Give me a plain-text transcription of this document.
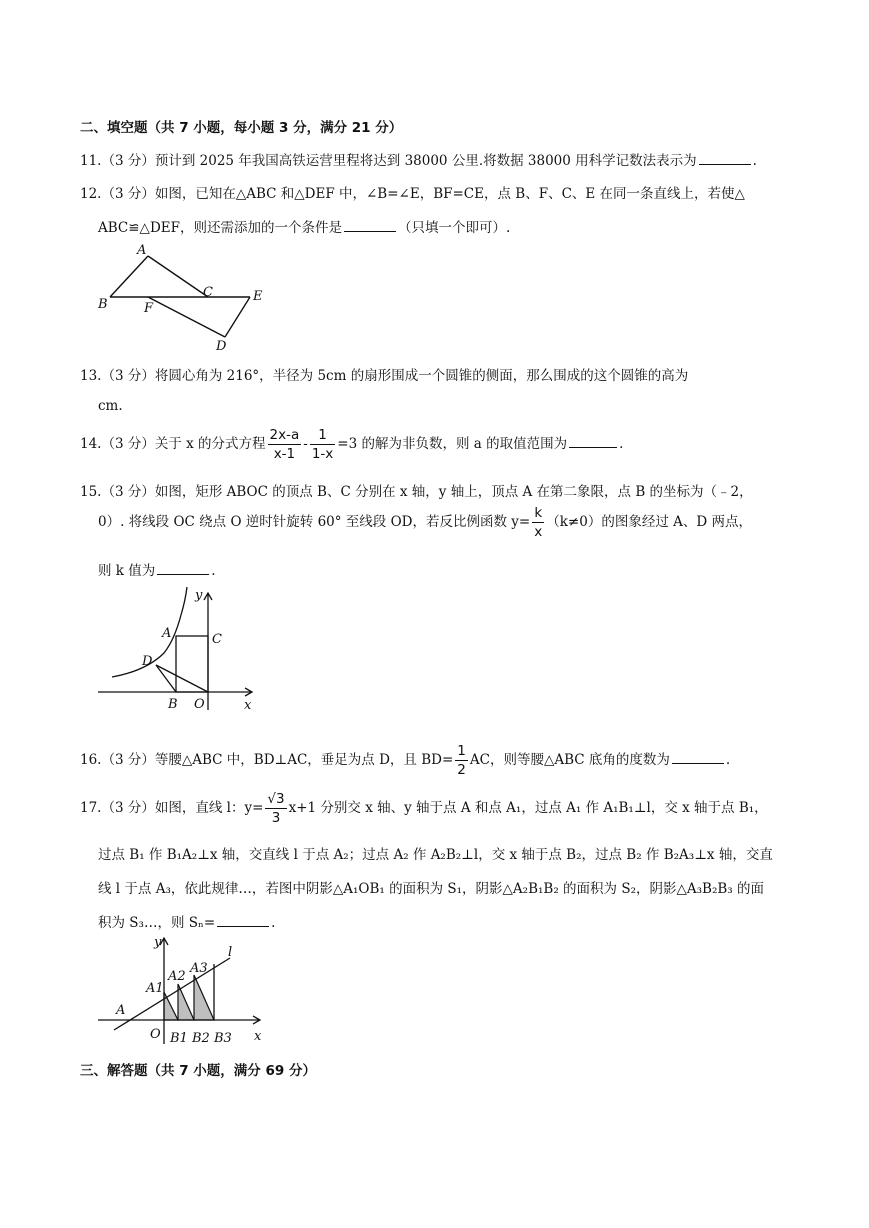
二、填空题（共 7 小题，每小题 3 分，满分 21 分）
11.（3 分）预计到 2025 年我国高铁运营里程将达到 38000 公里.将数据 38000 用科学记数法表示为	.
12.（3 分）如图，已知在△ABC 和△DEF 中，∠B=∠E，BF=CE，点 B、F、C、E 在同一条直线上，若使△
ABC≌△DEF，则还需添加的一个条件是	（只填一个即可）.
A
B
C
F
E
D
13.（3 分）将圆心角为 216°，半径为 5cm 的扇形围成一个圆锥的侧面，那么围成的这个圆锥的高为
cm.
14.（3 分）关于 x 的分式方程 $\frac{2x-a}{x-1} - \frac{1}{1-x} =3$ 的解为非负数，则 a 的取值范围为	.
15.（3 分）如图，矩形 ABOC 的顶点 B、C 分别在 x 轴，y 轴上，顶点 A 在第二象限，点 B 的坐标为（﹣2，
0）. 将线段 OC 绕点 O 逆时针旋转 60° 至线段 OD，若反比例函数 $y= \frac{k}{x} (k\ne 0)$的图象经过 A、D 两点，
则 k 值为	.
y
x
A	C
D
B O
16.（3 分）等腰△ABC 中，BD⊥AC，垂足为点 D，且 $BD= \frac{1}{2}$ AC，则等腰△ABC 底角的度数为	.
17.（3 分）如图，直线 l：$y= \frac{√3}{3} x+1$ 分别交 x 轴、y 轴于点 A 和点 A₁，过点 A₁ 作 A₁B₁⊥l，交 x 轴于点 B₁，
过点 B₁ 作 B₁A₂⊥x 轴，交直线 l 于点 A₂；过点 A₂ 作 A₂B₂⊥l，交 x 轴于点 B₂，过点 B₂ 作 B₂A₃⊥x 轴，交直
线 l 于点 A₃，依此规律…，若图中阴影△A₁OB₁ 的面积为 S₁，阴影△A₂B₁B₂ 的面积为 S₂，阴影△A₃B₂B₃ 的面
积为 S₃…，则 Sₙ=	.
y
x
l
A
A1
A2
A3
O B1 B2 B3
三、解答题（共 7 小题，满分 69 分）
